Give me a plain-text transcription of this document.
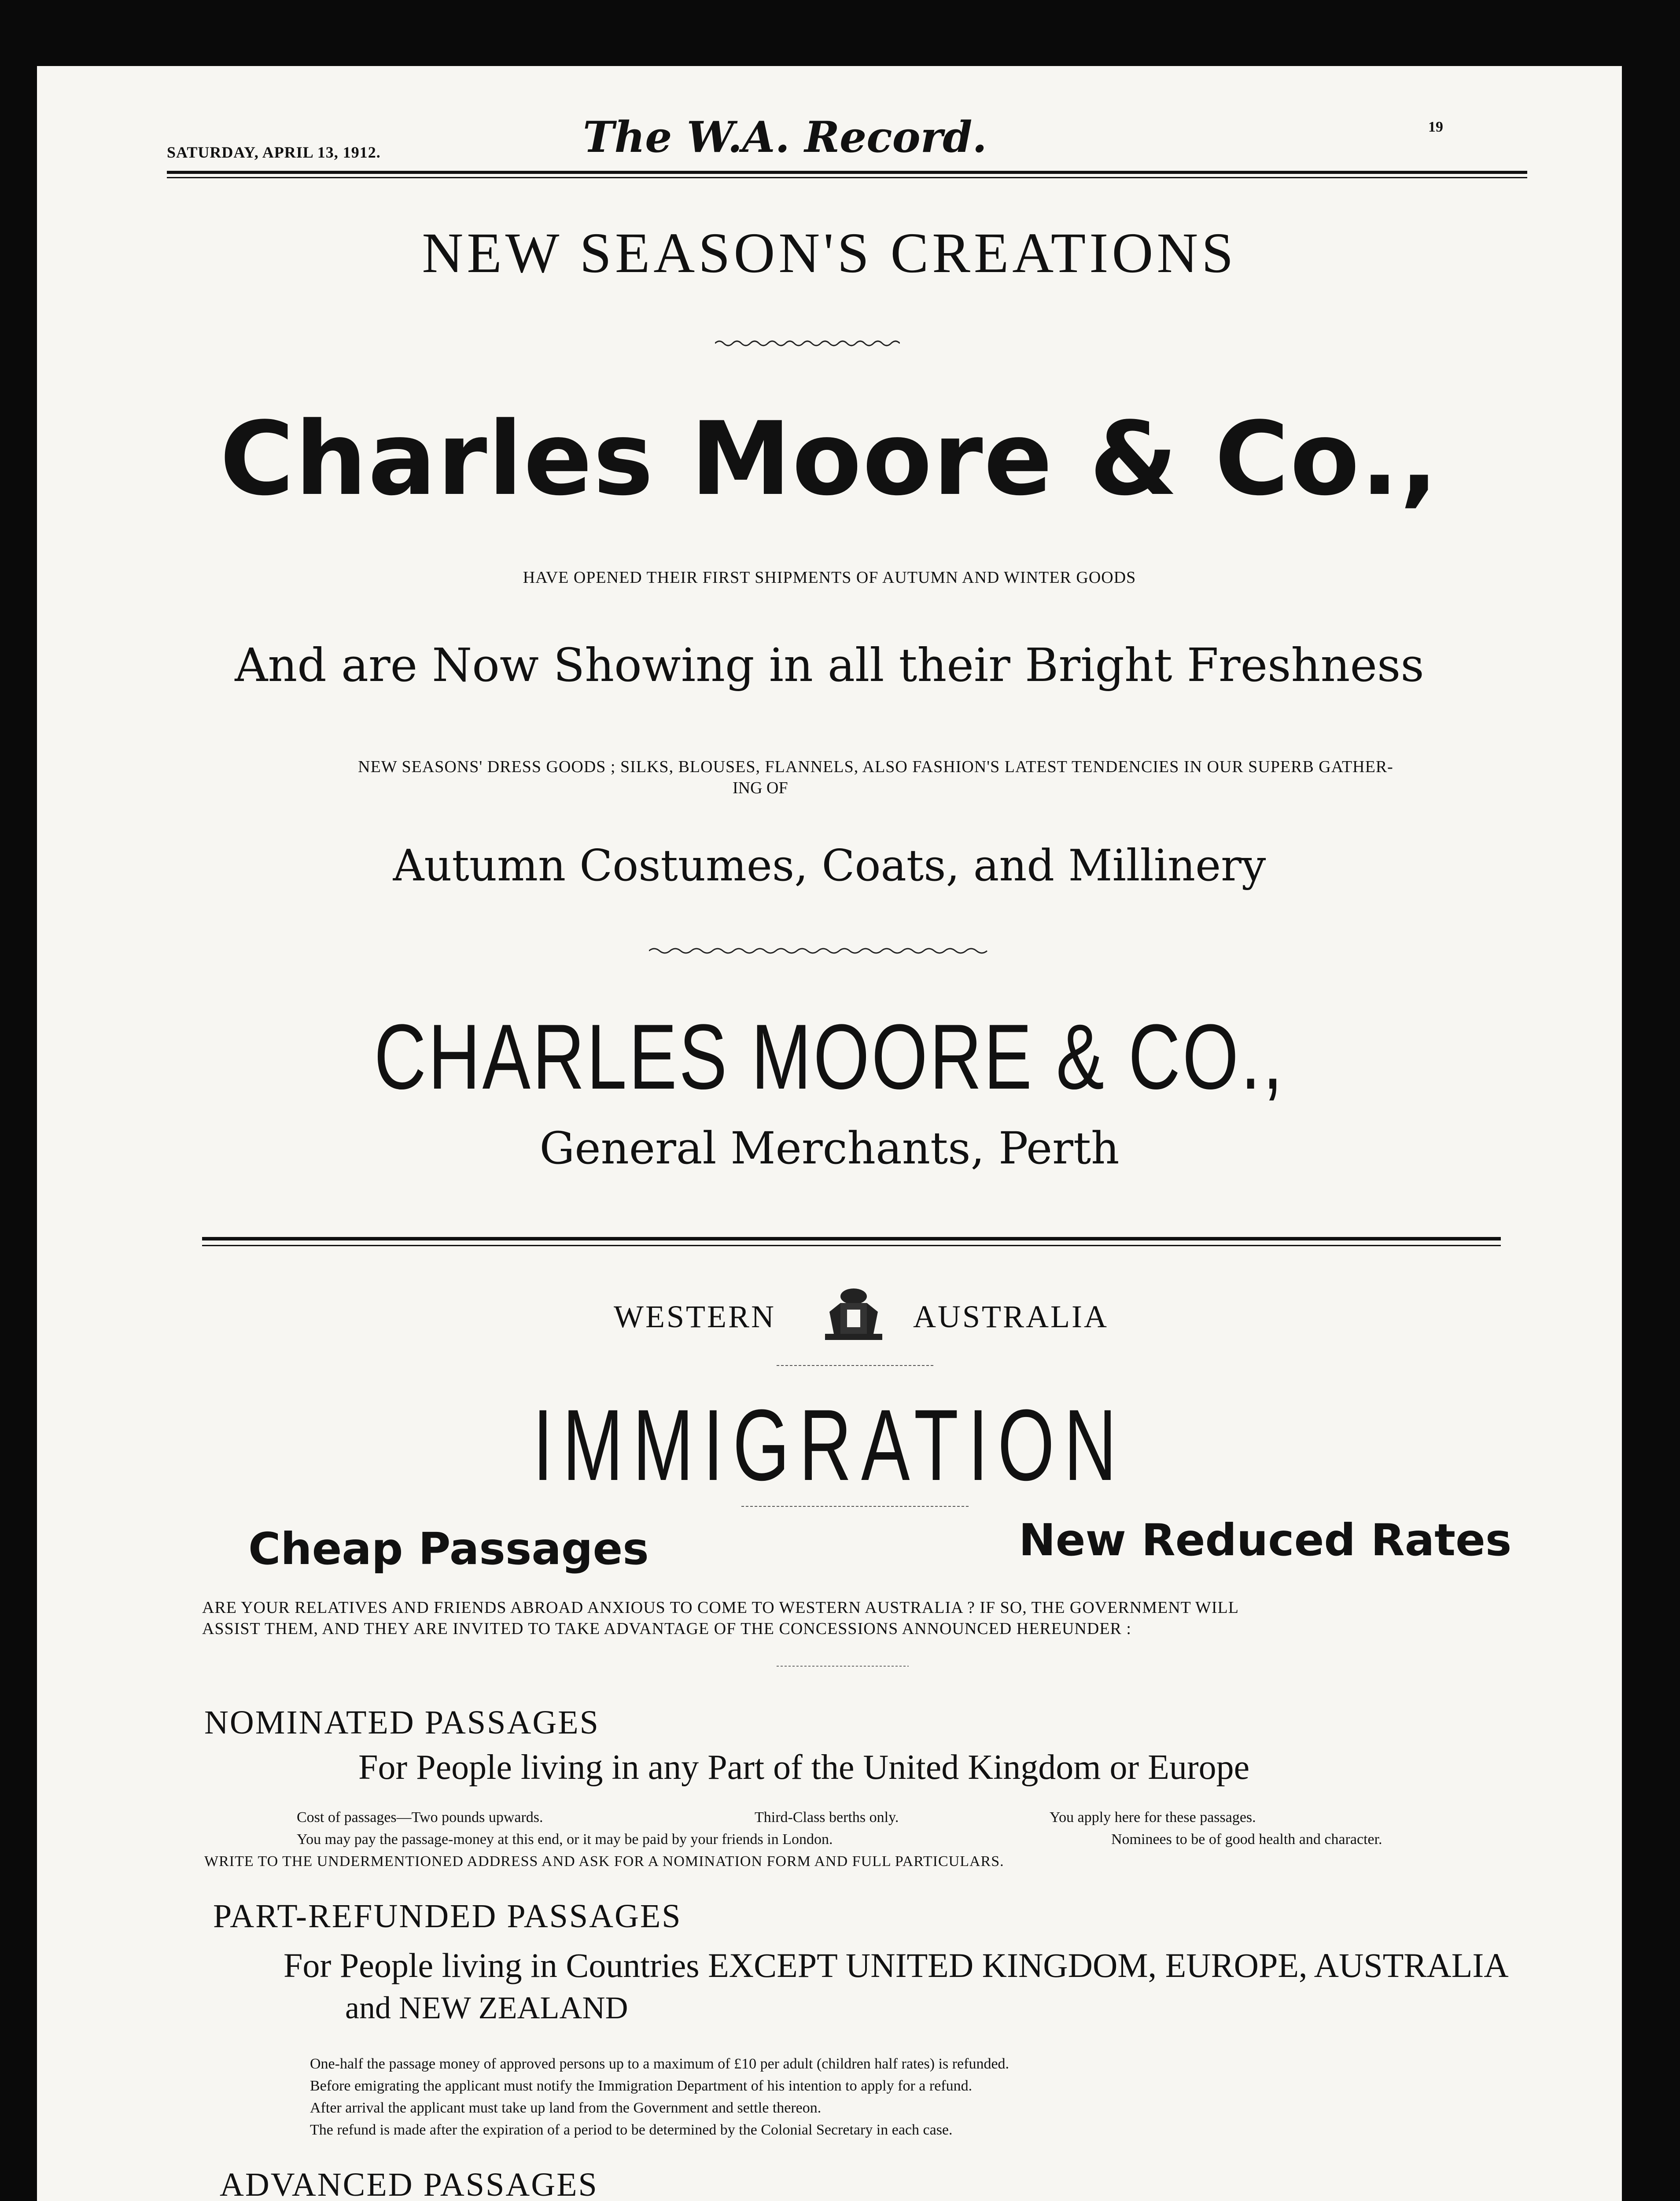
SATURDAY, APRIL 13, 1912.	The W.A. Record.	19
NEW SEASON'S CREATIONS
Charles Moore & Co.,
HAVE OPENED THEIR FIRST SHIPMENTS OF AUTUMN AND WINTER GOODS
And are Now Showing in all their Bright Freshness
NEW SEASONS' DRESS GOODS ; SILKS, BLOUSES, FLANNELS, ALSO FASHION'S LATEST TENDENCIES IN OUR SUPERB GATHER-
ING OF
Autumn Costumes, Coats, and Millinery
CHARLES MOORE & CO.,
General Merchants, Perth
WESTERN	AUSTRALIA
IMMIGRATION
Cheap Passages	New Reduced Rates
ARE YOUR RELATIVES AND FRIENDS ABROAD ANXIOUS TO COME TO WESTERN AUSTRALIA ? IF SO, THE GOVERNMENT WILL
ASSIST THEM, AND THEY ARE INVITED TO TAKE ADVANTAGE OF THE CONCESSIONS ANNOUNCED HEREUNDER :
NOMINATED PASSAGES
For People living in any Part of the United Kingdom or Europe
Cost of passages—Two pounds upwards.	Third-Class berths only.	You apply here for these passages.
You may pay the passage-money at this end, or it may be paid by your friends in London.	Nominees to be of good health and character.
WRITE TO THE UNDERMENTIONED ADDRESS AND ASK FOR A NOMINATION FORM AND FULL PARTICULARS.
PART-REFUNDED PASSAGES
For People living in Countries EXCEPT UNITED KINGDOM, EUROPE, AUSTRALIA
and NEW ZEALAND
One-half the passage money of approved persons up to a maximum of £10 per adult (children half rates) is refunded.
Before emigrating the applicant must notify the Immigration Department of his intention to apply for a refund.
After arrival the applicant must take up land from the Government and settle thereon.
The refund is made after the expiration of a period to be determined by the Colonial Secretary in each case.
ADVANCED PASSAGES
